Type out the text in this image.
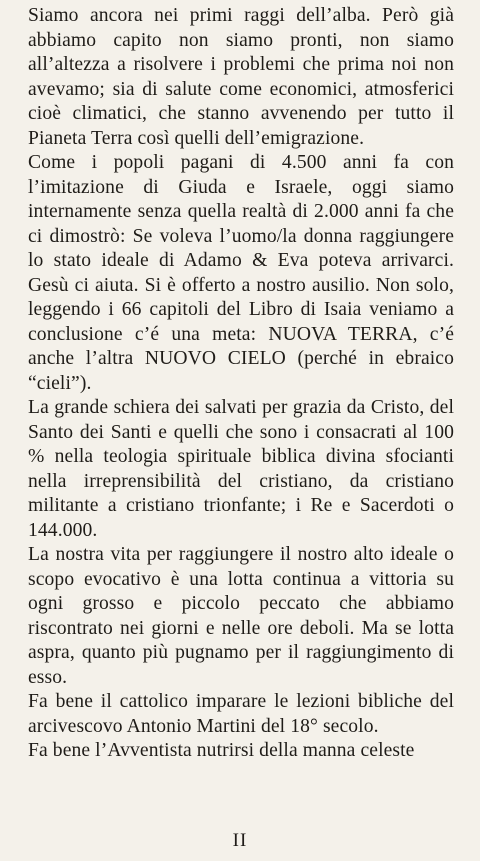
Siamo ancora nei primi raggi dell’alba. Però già abbiamo capito non siamo pronti, non siamo all’altezza a risolvere i problemi che prima noi non avevamo; sia di salute come economici, atmosferici cioè climatici, che stanno avvenendo per tutto il Pianeta Terra così quelli dell’emigrazione.

Come i popoli pagani di 4.500 anni fa con l’imitazione di Giuda e Israele, oggi siamo internamente senza quella realtà di 2.000 anni fa che ci dimostrò: Se voleva l’uomo/la donna raggiungere lo stato ideale di Adamo & Eva poteva arrivarci. Gesù ci aiuta. Si è offerto a nostro ausilio. Non solo, leggendo i 66 capitoli del Libro di Isaia veniamo a conclusione c’é una meta: NUOVA TERRA, c’é anche l’altra NUOVO CIELO (perché in ebraico “cieli”).

La grande schiera dei salvati per grazia da Cristo, del Santo dei Santi e quelli che sono i consacrati al 100 % nella teologia spirituale biblica divina sfocianti nella irreprensibilità del cristiano, da cristiano militante a cristiano trionfante; i Re e Sacerdoti o 144.000.

La nostra vita per raggiungere il nostro alto ideale o scopo evocativo è una lotta continua a vittoria su ogni grosso e piccolo peccato che abbiamo riscontrato nei giorni e nelle ore deboli. Ma se lotta aspra, quanto più pugnamo per il raggiungimento di esso.

Fa bene il cattolico imparare le lezioni bibliche del arcivescovo Antonio Martini del 18° secolo.

Fa bene l’Avventista nutrirsi della manna celeste

II
